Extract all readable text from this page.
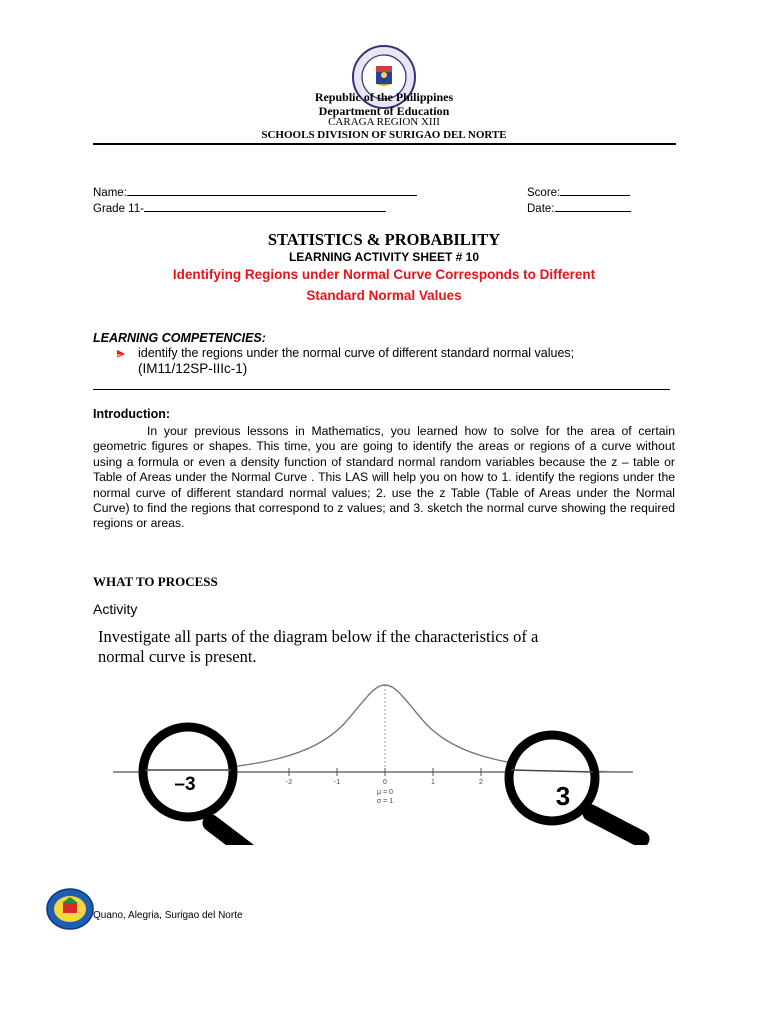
Republic of the Philippines
Department of Education
CARAGA REGION XIII
SCHOOLS DIVISION OF SURIGAO DEL NORTE
Name:
Grade 11-
Score:
Date:
STATISTICS & PROBABILITY
LEARNING ACTIVITY SHEET # 10
Identifying Regions under Normal Curve Corresponds to Different
Standard Normal Values
LEARNING COMPETENCIES:
identify the regions under the normal curve of different standard normal values;
(IM11/12SP-IIIc-1)
Introduction:
In your previous lessons in Mathematics, you learned how to solve for the area of certain geometric figures or shapes. This time, you are going to identify the areas or regions of a curve without using a formula or even a density function of standard normal random variables because the z – table or Table of Areas under the Normal Curve . This LAS will help you on how to 1. identify the regions under the normal curve of different standard normal values; 2. use the z Table (Table of Areas under the Normal Curve) to find the regions that correspond to z values; and 3. sketch the normal curve showing the required regions or areas.
WHAT TO PROCESS
Activity
Investigate all parts of the diagram below if the characteristics of a
normal curve is present.
-2	-1	0	1	2
μ = 0
σ = 1
–3	3
Quano, Alegria, Surigao del Norte
